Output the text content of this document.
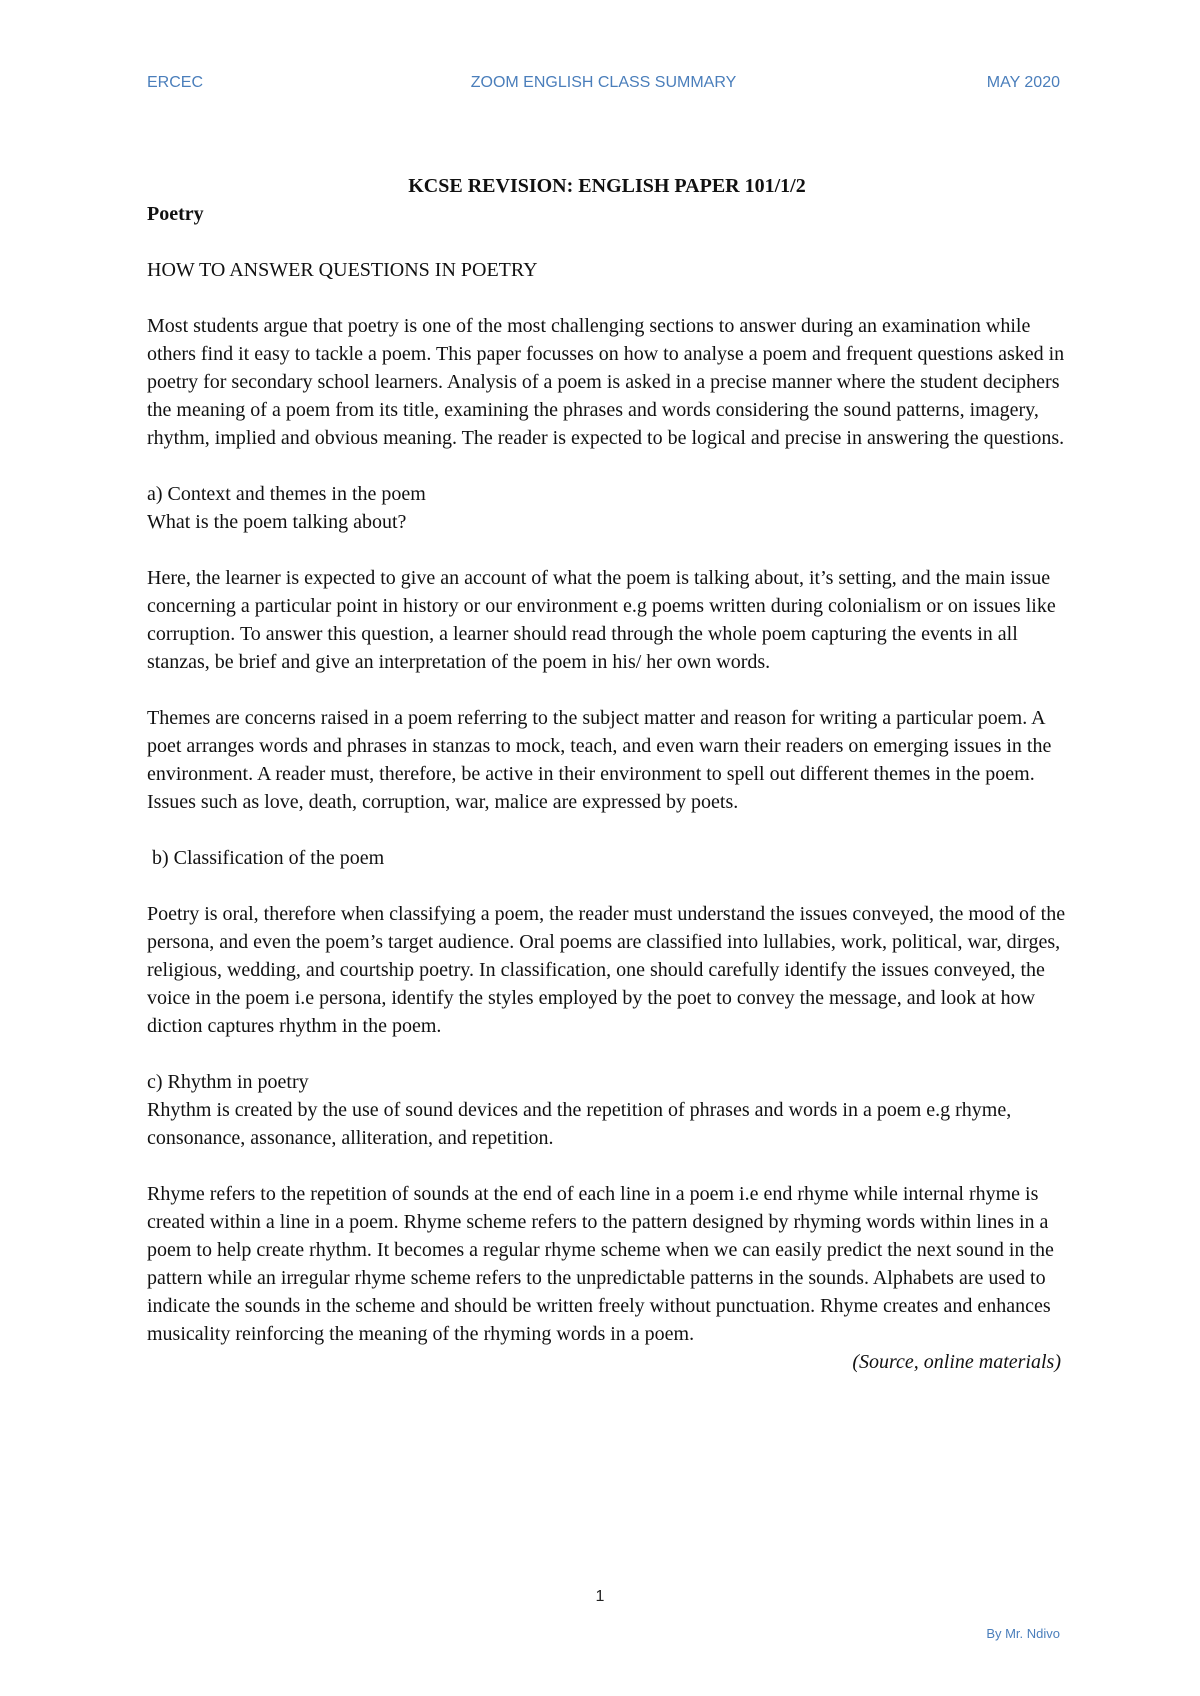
ERCEC	ZOOM ENGLISH CLASS SUMMARY	MAY 2020
KCSE REVISION: ENGLISH PAPER 101/1/2
Poetry
HOW TO ANSWER QUESTIONS IN POETRY

Most students argue that poetry is one of the most challenging sections to answer during an examination while others find it easy to tackle a poem. This paper focusses on how to analyse a poem and frequent questions asked in poetry for secondary school learners. Analysis of a poem is asked in a precise manner where the student deciphers the meaning of a poem from its title, examining the phrases and words considering the sound patterns, imagery, rhythm, implied and obvious meaning. The reader is expected to be logical and precise in answering the questions.

a) Context and themes in the poem
What is the poem talking about?

Here, the learner is expected to give an account of what the poem is talking about, it’s setting, and the main issue concerning a particular point in history or our environment e.g poems written during colonialism or on issues like corruption. To answer this question, a learner should read through the whole poem capturing the events in all stanzas, be brief and give an interpretation of the poem in his/ her own words.

Themes are concerns raised in a poem referring to the subject matter and reason for writing a particular poem. A poet arranges words and phrases in stanzas to mock, teach, and even warn their readers on emerging issues in the environment. A reader must, therefore, be active in their environment to spell out different themes in the poem. Issues such as love, death, corruption, war, malice are expressed by poets.

b) Classification of the poem

Poetry is oral, therefore when classifying a poem, the reader must understand the issues conveyed, the mood of the persona, and even the poem’s target audience. Oral poems are classified into lullabies, work, political, war, dirges, religious, wedding, and courtship poetry. In classification, one should carefully identify the issues conveyed, the voice in the poem i.e persona, identify the styles employed by the poet to convey the message, and look at how diction captures rhythm in the poem.

c) Rhythm in poetry

Rhythm is created by the use of sound devices and the repetition of phrases and words in a poem e.g rhyme, consonance, assonance, alliteration, and repetition.

Rhyme refers to the repetition of sounds at the end of each line in a poem i.e end rhyme while internal rhyme is created within a line in a poem. Rhyme scheme refers to the pattern designed by rhyming words within lines in a poem to help create rhythm. It becomes a regular rhyme scheme when we can easily predict the next sound in the pattern while an irregular rhyme scheme refers to the unpredictable patterns in the sounds. Alphabets are used to indicate the sounds in the scheme and should be written freely without punctuation. Rhyme creates and enhances musicality reinforcing the meaning of the rhyming words in a poem.

(Source, online materials)
1
By Mr. Ndivo
